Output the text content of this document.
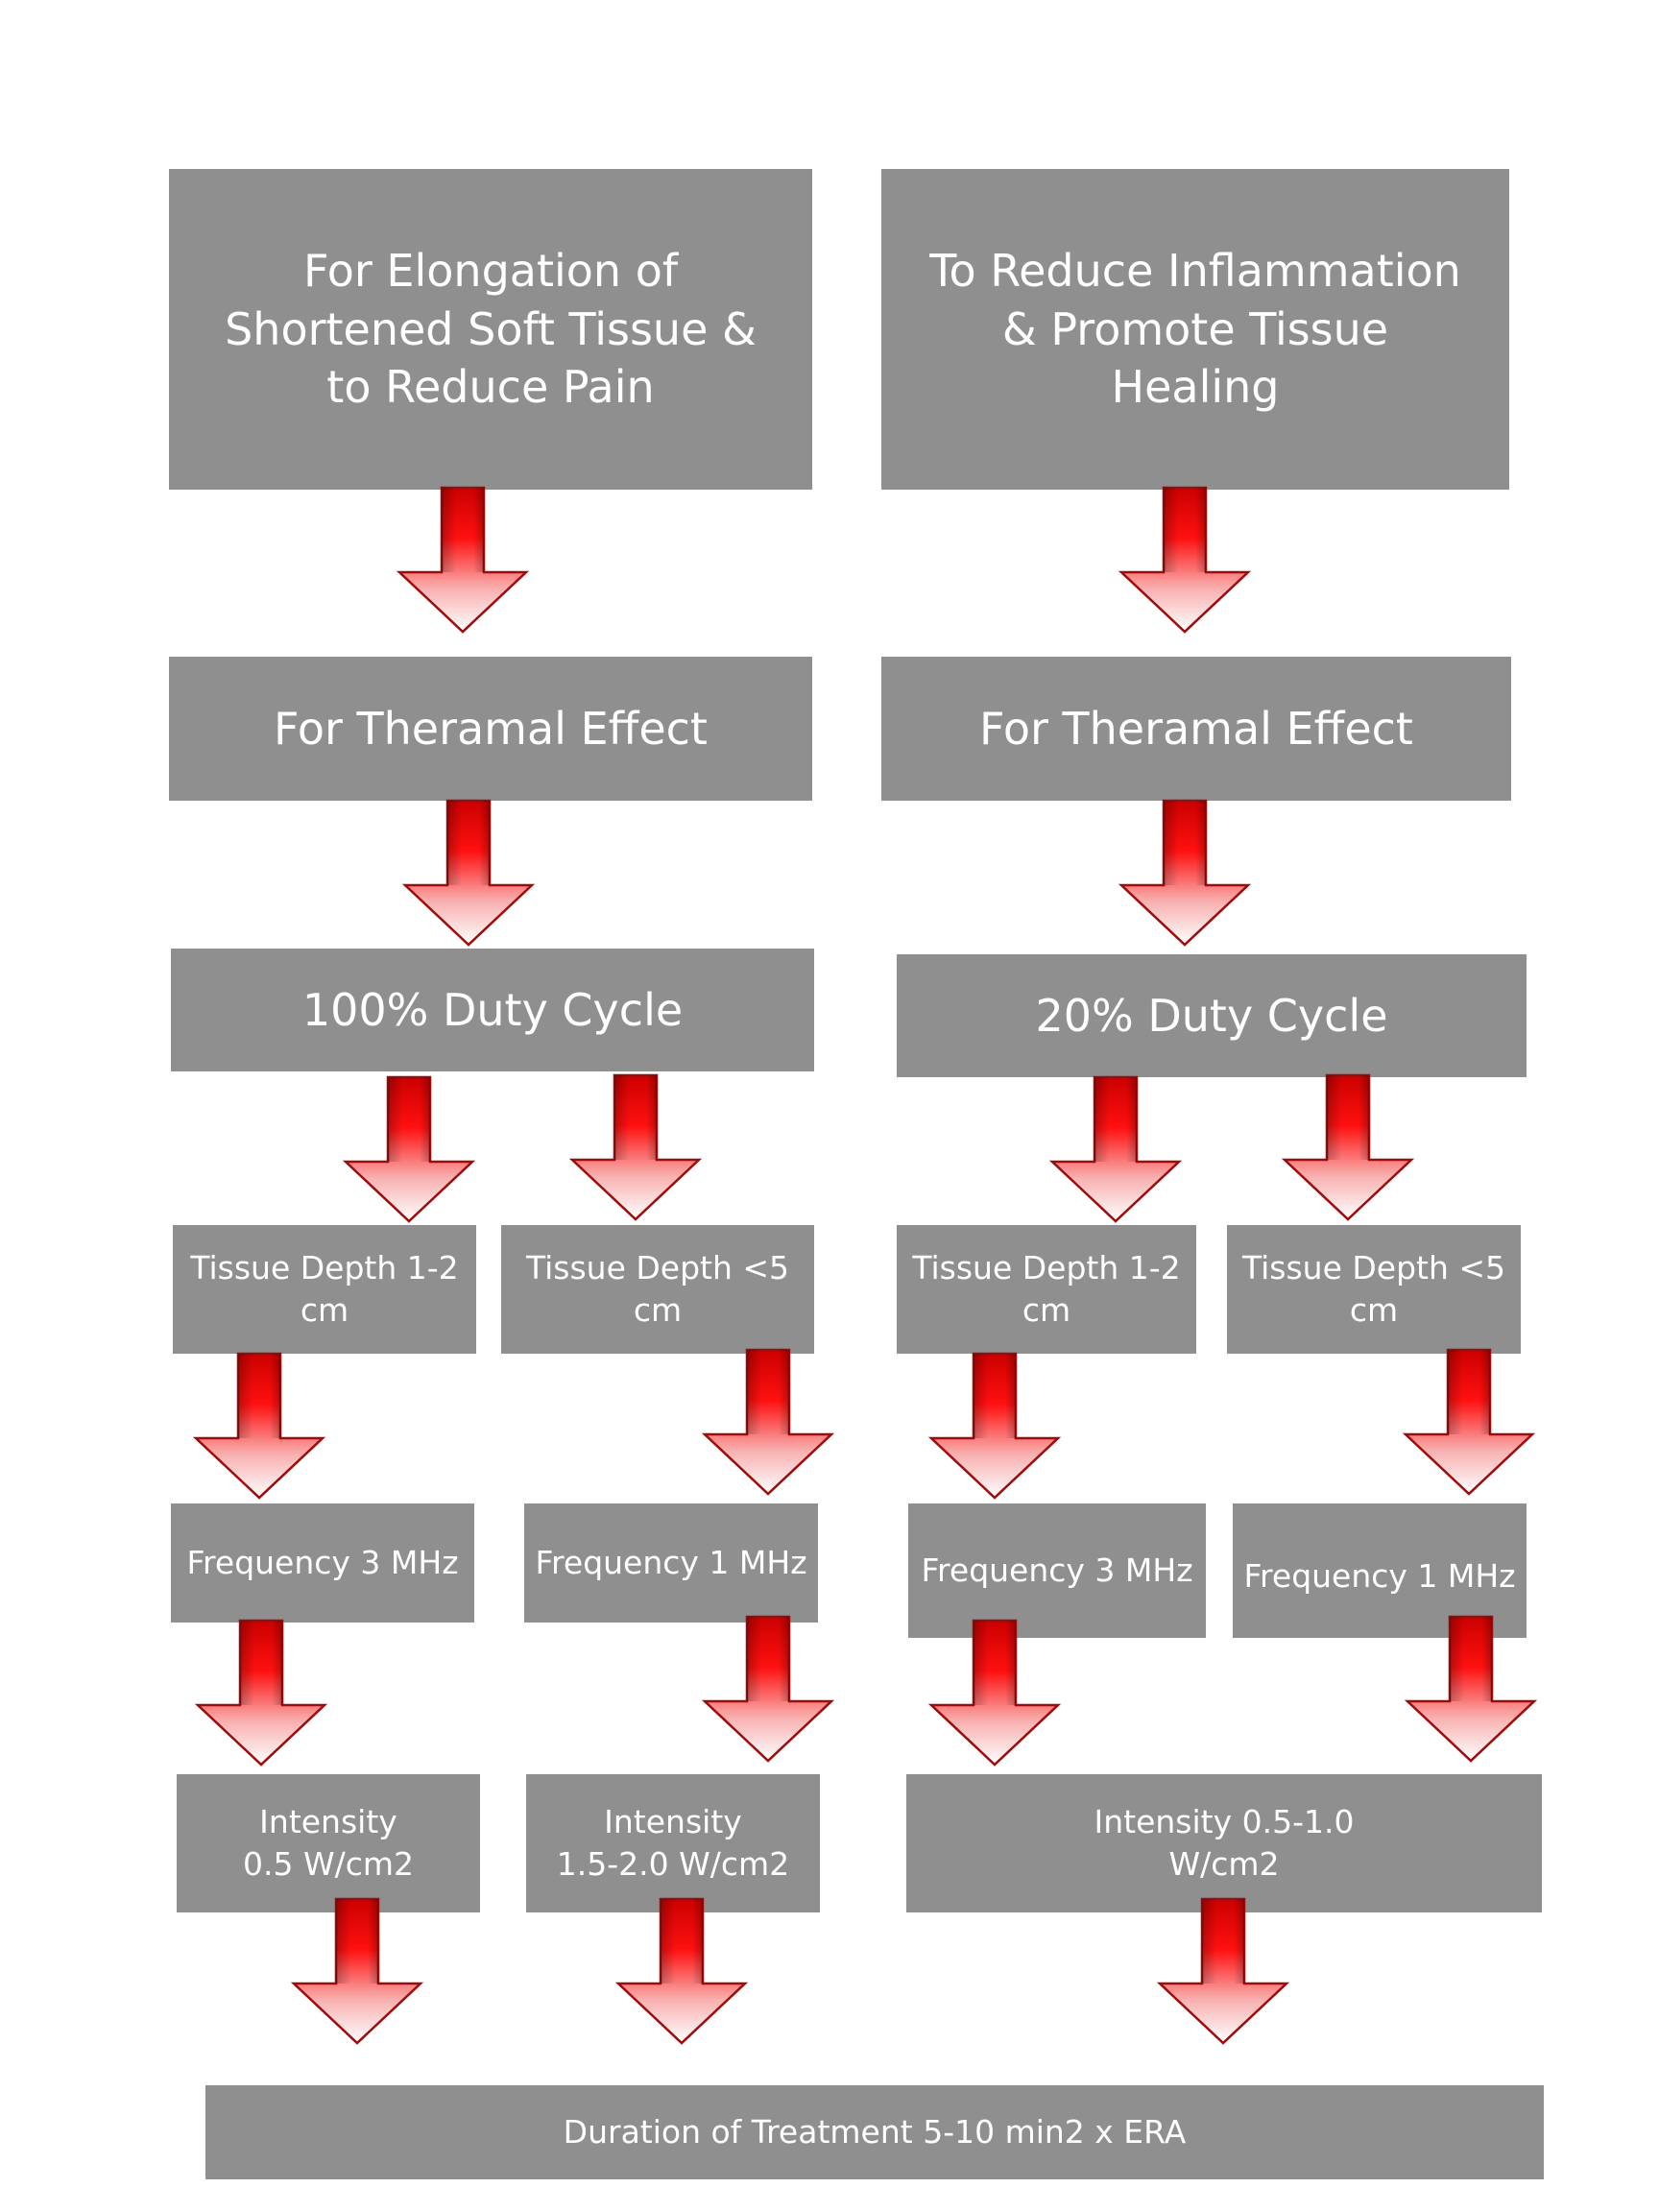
For Elongation of
Shortened Soft Tissue &
to Reduce Pain
To Reduce Inflammation
& Promote Tissue
Healing
For Theramal Effect	For Theramal Effect
100% Duty Cycle	20% Duty Cycle
Tissue Depth 1-2 cm
Tissue Depth <5 cm
Tissue Depth 1-2 cm
Tissue Depth <5 cm
Frequency 3 MHz Frequency 1 MHz	Frequency 3 MHz Frequency 1 MHz
Intensity
0.5 W/cm2
Intensity
1.5-2.0 W/cm2
Intensity 0.5-1.0
W/cm2
Duration of Treatment 5-10 min2 x ERA
